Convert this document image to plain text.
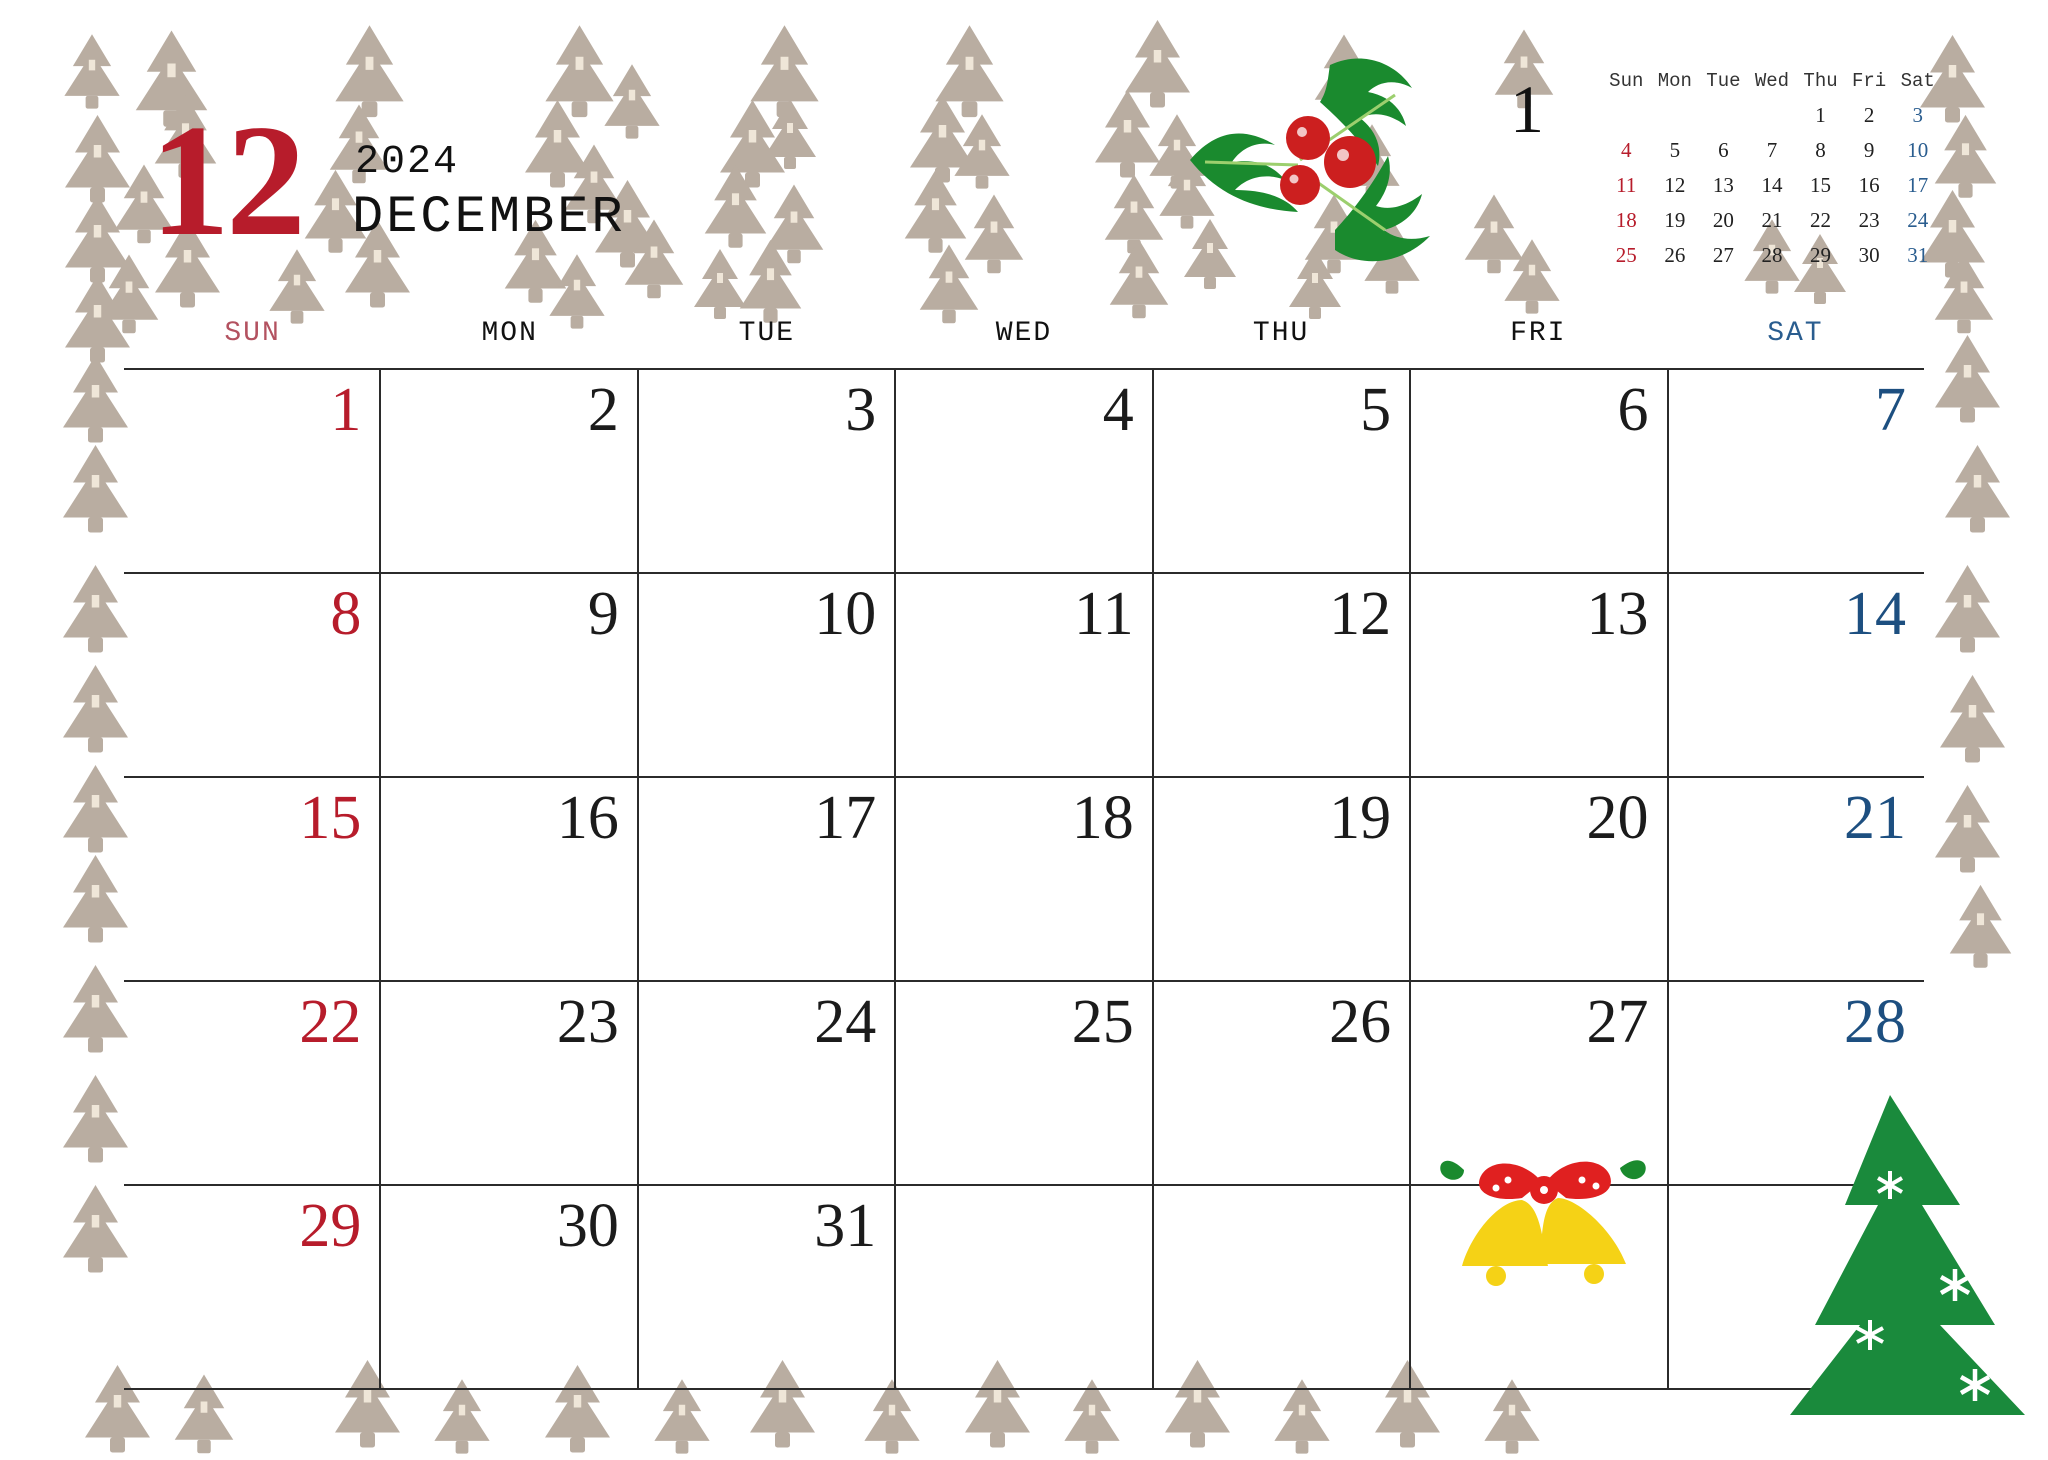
12 2024
DECEMBER
1	Sun	Mon	Tue	Wed	Thu	Fri	Sat
				1	2	3
4	5	6	7	8	9	10
11	12	13	14	15	16	17
18	19	20	21	22	23	24
25	26	27	28	29	30	31
SUN	MON	TUE	WED	THU	FRI	SAT
1	2	3	4	5	6	7
8	9	10	11	12	13	14
15	16	17	18	19	20	21
22	23	24	25	26	27	28
29	30	31
